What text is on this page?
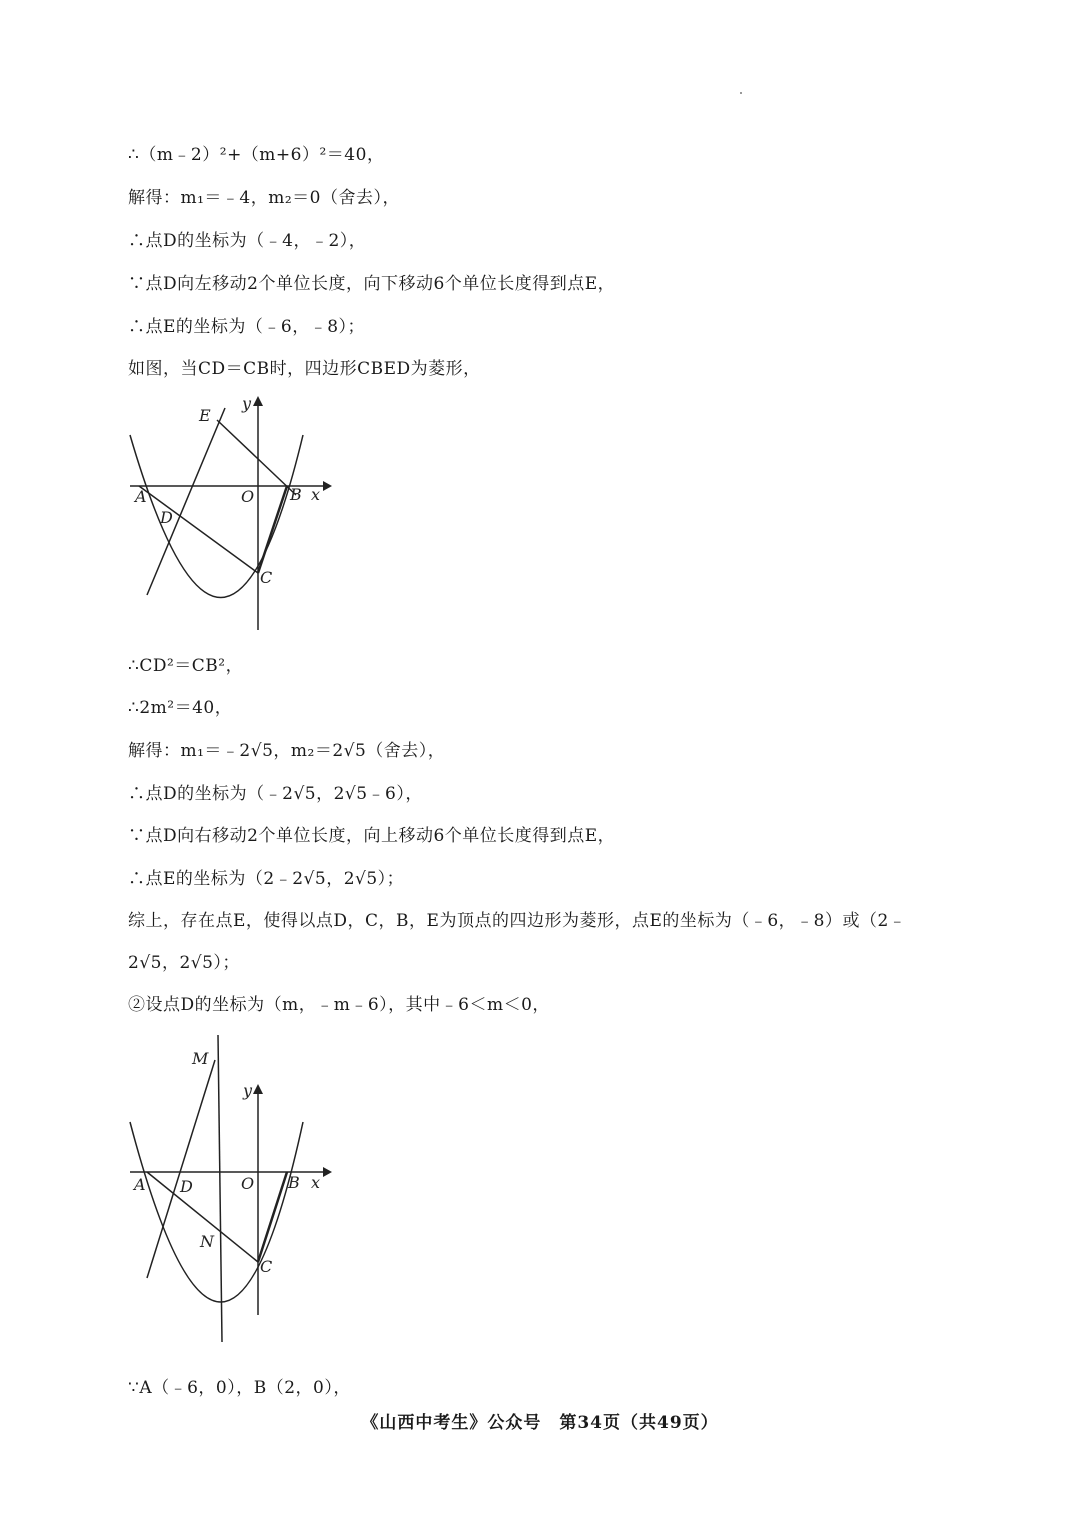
∴（m﹣2）²+（m+6）²＝40，
解得：m₁＝﹣4，m₂＝0（舍去），
∴点D的坐标为（﹣4，﹣2），
∵点D向左移动2个单位长度，向下移动6个单位长度得到点E，
∴点E的坐标为（﹣6，﹣8）；
如图，当CD＝CB时，四边形CBED为菱形，
E
y
A	O B x
D
C
∴CD²＝CB²，
∴2m²＝40，
解得：m₁＝﹣2√5，m₂＝2√5（舍去），
∴点D的坐标为（﹣2√5，2√5﹣6），
∵点D向右移动2个单位长度，向上移动6个单位长度得到点E，
∴点E的坐标为（2﹣2√5，2√5）；
综上，存在点E，使得以点D，C，B，E为顶点的四边形为菱形，点E的坐标为（﹣6，﹣8）或（2﹣
2√5，2√5）；
②设点D的坐标为（m，﹣m﹣6），其中﹣6＜m＜0，
M
y
A D	O B x
N
C
∵A（﹣6，0），B（2，0），
《山西中考生》公众号　第34页（共49页）
